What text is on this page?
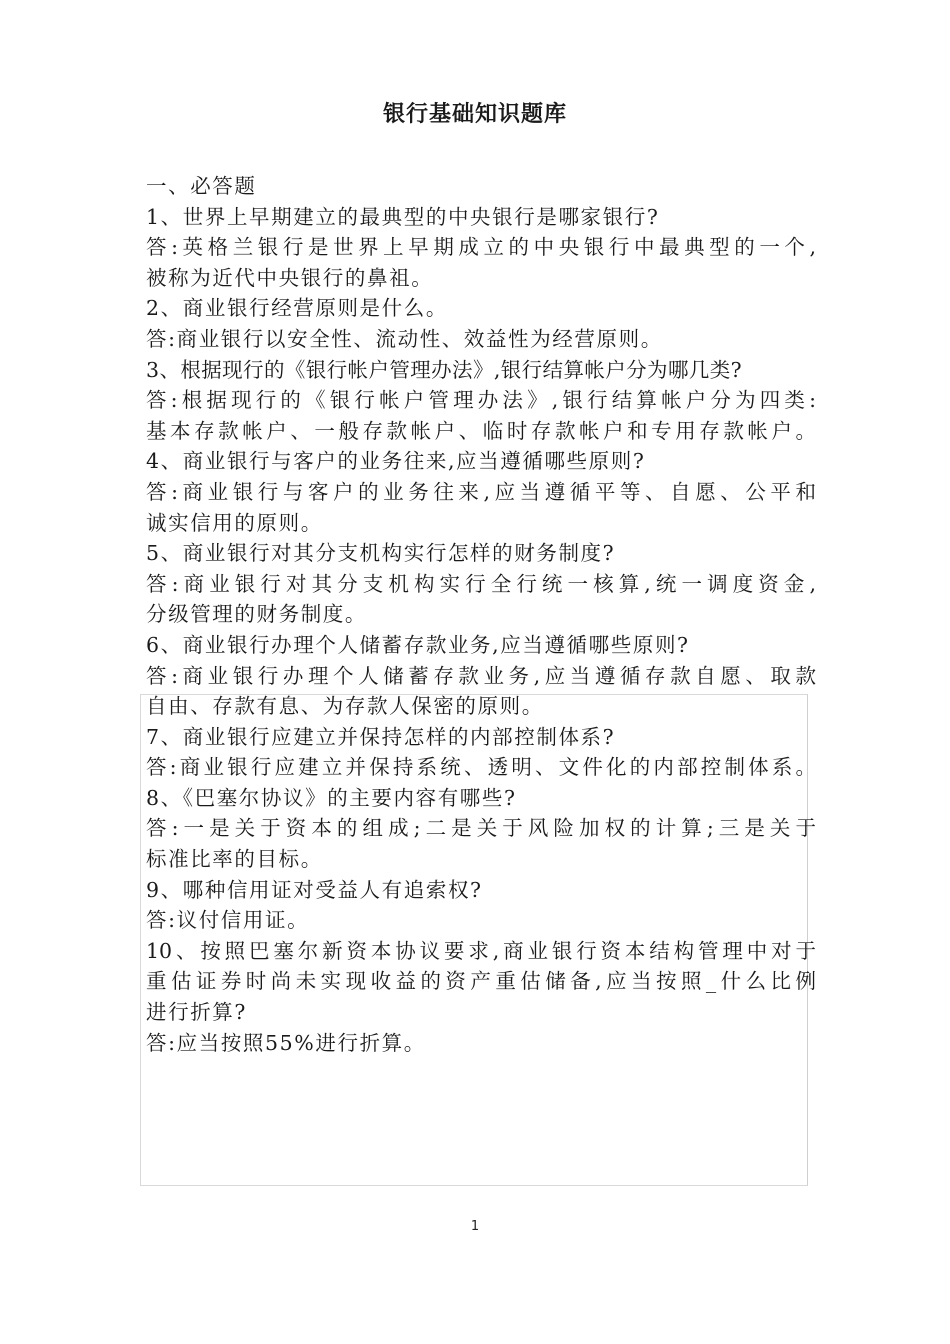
银行基础知识题库
一、必答题
1、世界上早期建立的最典型的中央银行是哪家银行?
答:英格兰银行是世界上早期成立的中央银行中最典型的一个,
被称为近代中央银行的鼻祖。
2、商业银行经营原则是什么。
答:商业银行以安全性、流动性、效益性为经营原则。
3、根据现行的《银行帐户管理办法》,银行结算帐户分为哪几类?
答:根据现行的《银行帐户管理办法》,银行结算帐户分为四类:
基本存款帐户、一般存款帐户、临时存款帐户和专用存款帐户。
4、商业银行与客户的业务往来,应当遵循哪些原则?
答:商业银行与客户的业务往来,应当遵循平等、自愿、公平和
诚实信用的原则。
5、商业银行对其分支机构实行怎样的财务制度?
答:商业银行对其分支机构实行全行统一核算,统一调度资金,
分级管理的财务制度。
6、商业银行办理个人储蓄存款业务,应当遵循哪些原则?
答:商业银行办理个人储蓄存款业务,应当遵循存款自愿、取款
自由、存款有息、为存款人保密的原则。
7、商业银行应建立并保持怎样的内部控制体系?
答:商业银行应建立并保持系统、透明、文件化的内部控制体系。
8、《巴塞尔协议》的主要内容有哪些?
答:一是关于资本的组成;二是关于风险加权的计算;三是关于
标准比率的目标。
9、哪种信用证对受益人有追索权?
答:议付信用证。
10、按照巴塞尔新资本协议要求,商业银行资本结构管理中对于
重估证券时尚未实现收益的资产重估储备,应当按照_什么比例
进行折算?
答:应当按照55%进行折算。
1
